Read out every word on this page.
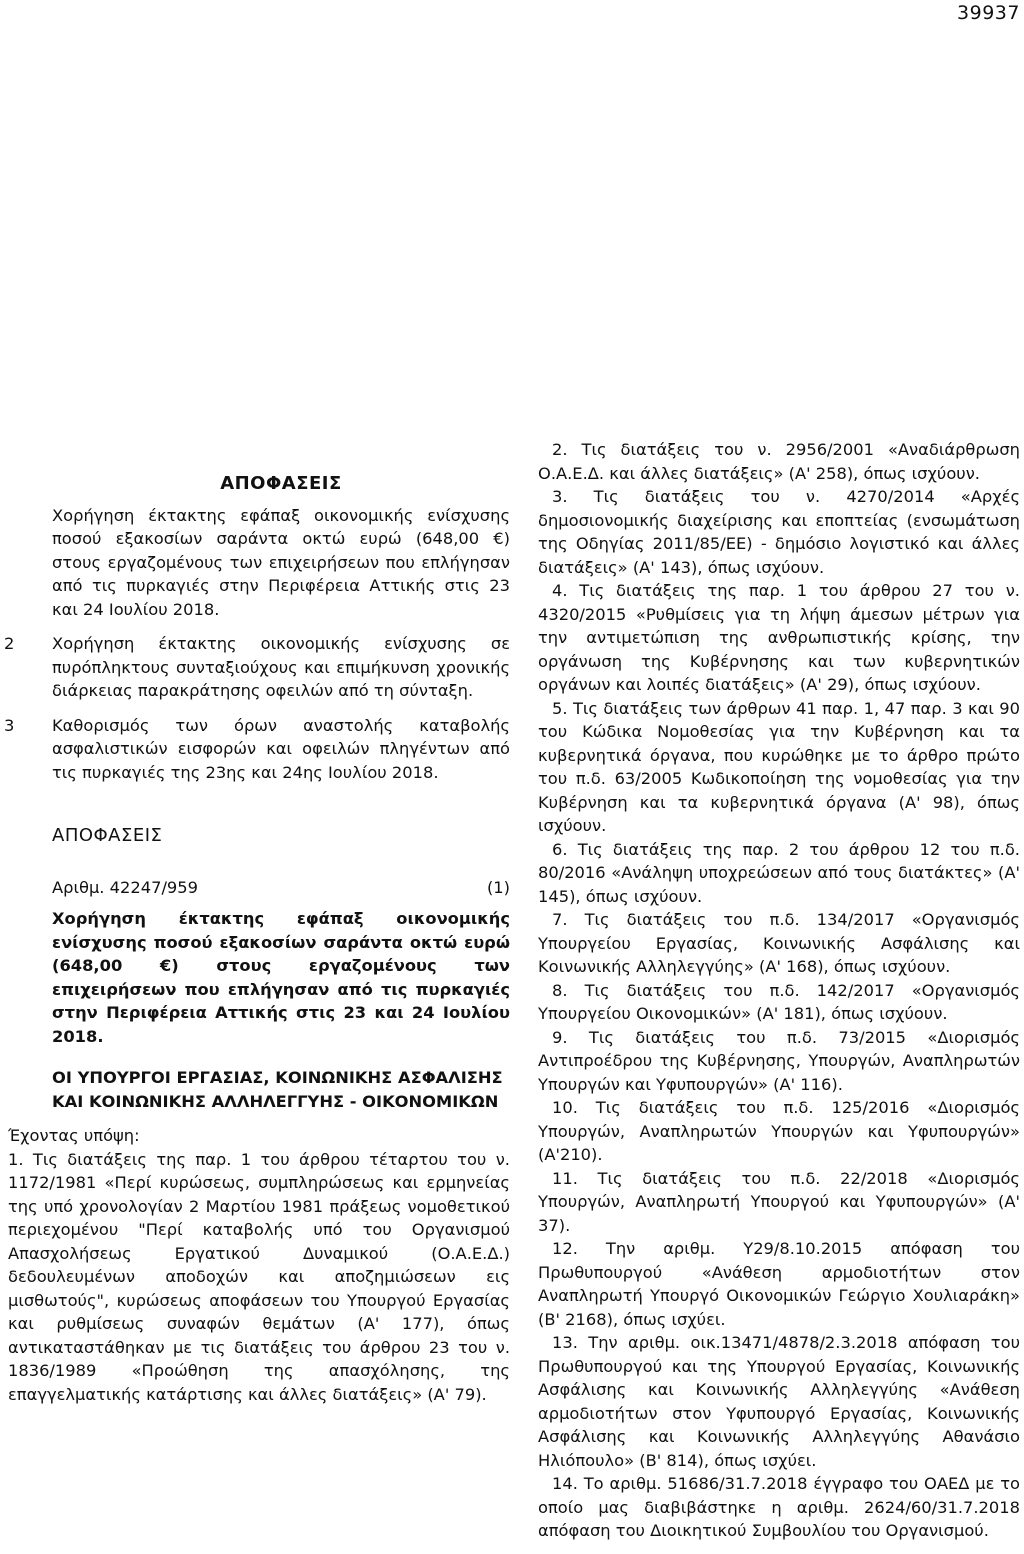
39937
ΑΠΟΦΑΣΕΙΣ
Χορήγηση έκτακτης εφάπαξ οικονομικής ενίσχυσης ποσού εξακοσίων σαράντα οκτώ ευρώ (648,00 €) στους εργαζομένους των επιχειρήσεων που επλήγησαν από τις πυρκαγιές στην Περιφέρεια Αττικής στις 23 και 24 Ιουλίου 2018.
2 Χορήγηση έκτακτης οικονομικής ενίσχυσης σε πυρόπληκτους συνταξιούχους και επιμήκυνση χρονικής διάρκειας παρακράτησης οφειλών από τη σύνταξη.
3 Καθορισμός των όρων αναστολής καταβολής ασφαλιστικών εισφορών και οφειλών πληγέντων από τις πυρκαγιές της 23ης και 24ης Ιουλίου 2018.
ΑΠΟΦΑΣΕΙΣ
Αριθμ. 42247/959	(1)

Χορήγηση έκτακτης εφάπαξ οικονομικής ενίσχυσης ποσού εξακοσίων σαράντα οκτώ ευρώ (648,00 €) στους εργαζομένους των επιχειρήσεων που επλήγησαν από τις πυρκαγιές στην Περιφέρεια Αττικής στις 23 και 24 Ιουλίου 2018.

ΟΙ ΥΠΟΥΡΓΟΙ ΕΡΓΑΣΙΑΣ, ΚΟΙΝΩΝΙΚΗΣ ΑΣΦΑΛΙΣΗΣ ΚΑΙ ΚΟΙΝΩΝΙΚΗΣ ΑΛΛΗΛΕΓΓΥΗΣ - ΟΙΚΟΝΟΜΙΚΩΝ

Έχοντας υπόψη:

1. Τις διατάξεις της παρ. 1 του άρθρου τέταρτου του ν. 1172/1981 «Περί κυρώσεως, συμπληρώσεως και ερμηνείας της υπό χρονολογίαν 2 Μαρτίου 1981 πράξεως νομοθετικού περιεχομένου "Περί καταβολής υπό του Οργανισμού Απασχολήσεως Εργατικού Δυναμικού (Ο.Α.Ε.Δ.) δεδουλευμένων αποδοχών και αποζημιώσεων εις μισθωτούς", κυρώσεως αποφάσεων του Υπουργού Εργασίας και ρυθμίσεως συναφών θεμάτων (Α' 177), όπως αντικαταστάθηκαν με τις διατάξεις του άρθρου 23 του ν. 1836/1989 «Προώθηση της απασχόλησης, της επαγγελματικής κατάρτισης και άλλες διατάξεις» (Α' 79).

2. Τις διατάξεις του ν. 2956/2001 «Αναδιάρθρωση Ο.Α.Ε.Δ. και άλλες διατάξεις» (Α' 258), όπως ισχύουν.

3. Τις διατάξεις του ν. 4270/2014 «Αρχές δημοσιονομικής διαχείρισης και εποπτείας (ενσωμάτωση της Οδηγίας 2011/85/ΕΕ) - δημόσιο λογιστικό και άλλες διατάξεις» (Α' 143), όπως ισχύουν.

4. Τις διατάξεις της παρ. 1 του άρθρου 27 του ν. 4320/2015 «Ρυθμίσεις για τη λήψη άμεσων μέτρων για την αντιμετώπιση της ανθρωπιστικής κρίσης, την οργάνωση της Κυβέρνησης και των κυβερνητικών οργάνων και λοιπές διατάξεις» (Α' 29), όπως ισχύουν.

5. Τις διατάξεις των άρθρων 41 παρ. 1, 47 παρ. 3 και 90 του Κώδικα Νομοθεσίας για την Κυβέρνηση και τα κυβερνητικά όργανα, που κυρώθηκε με το άρθρο πρώτο του π.δ. 63/2005 Κωδικοποίηση της νομοθεσίας για την Κυβέρνηση και τα κυβερνητικά όργανα (Α' 98), όπως ισχύουν.

6. Τις διατάξεις της παρ. 2 του άρθρου 12 του π.δ. 80/2016 «Ανάληψη υποχρεώσεων από τους διατάκτες» (Α' 145), όπως ισχύουν.

7. Τις διατάξεις του π.δ. 134/2017 «Οργανισμός Υπουργείου Εργασίας, Κοινωνικής Ασφάλισης και Κοινωνικής Αλληλεγγύης» (Α' 168), όπως ισχύουν.

8. Τις διατάξεις του π.δ. 142/2017 «Οργανισμός Υπουργείου Οικονομικών» (Α' 181), όπως ισχύουν.

9. Τις διατάξεις του π.δ. 73/2015 «Διορισμός Αντιπροέδρου της Κυβέρνησης, Υπουργών, Αναπληρωτών Υπουργών και Υφυπουργών» (Α' 116).

10. Τις διατάξεις του π.δ. 125/2016 «Διορισμός Υπουργών, Αναπληρωτών Υπουργών και Υφυπουργών» (Α'210).

11. Τις διατάξεις του π.δ. 22/2018 «Διορισμός Υπουργών, Αναπληρωτή Υπουργού και Υφυπουργών» (Α' 37).

12. Την αριθμ. Υ29/8.10.2015 απόφαση του Πρωθυπουργού «Ανάθεση αρμοδιοτήτων στον Αναπληρωτή Υπουργό Οικονομικών Γεώργιο Χουλιαράκη» (Β' 2168), όπως ισχύει.

13. Την αριθμ. οικ.13471/4878/2.3.2018 απόφαση του Πρωθυπουργού και της Υπουργού Εργασίας, Κοινωνικής Ασφάλισης και Κοινωνικής Αλληλεγγύης «Ανάθεση αρμοδιοτήτων στον Υφυπουργό Εργασίας, Κοινωνικής Ασφάλισης και Κοινωνικής Αλληλεγγύης Αθανάσιο Ηλιόπουλο» (Β' 814), όπως ισχύει.

14. Το αριθμ. 51686/31.7.2018 έγγραφο του ΟΑΕΔ με το οποίο μας διαβιβάστηκε η αριθμ. 2624/60/31.7.2018 απόφαση του Διοικητικού Συμβουλίου του Οργανισμού.
